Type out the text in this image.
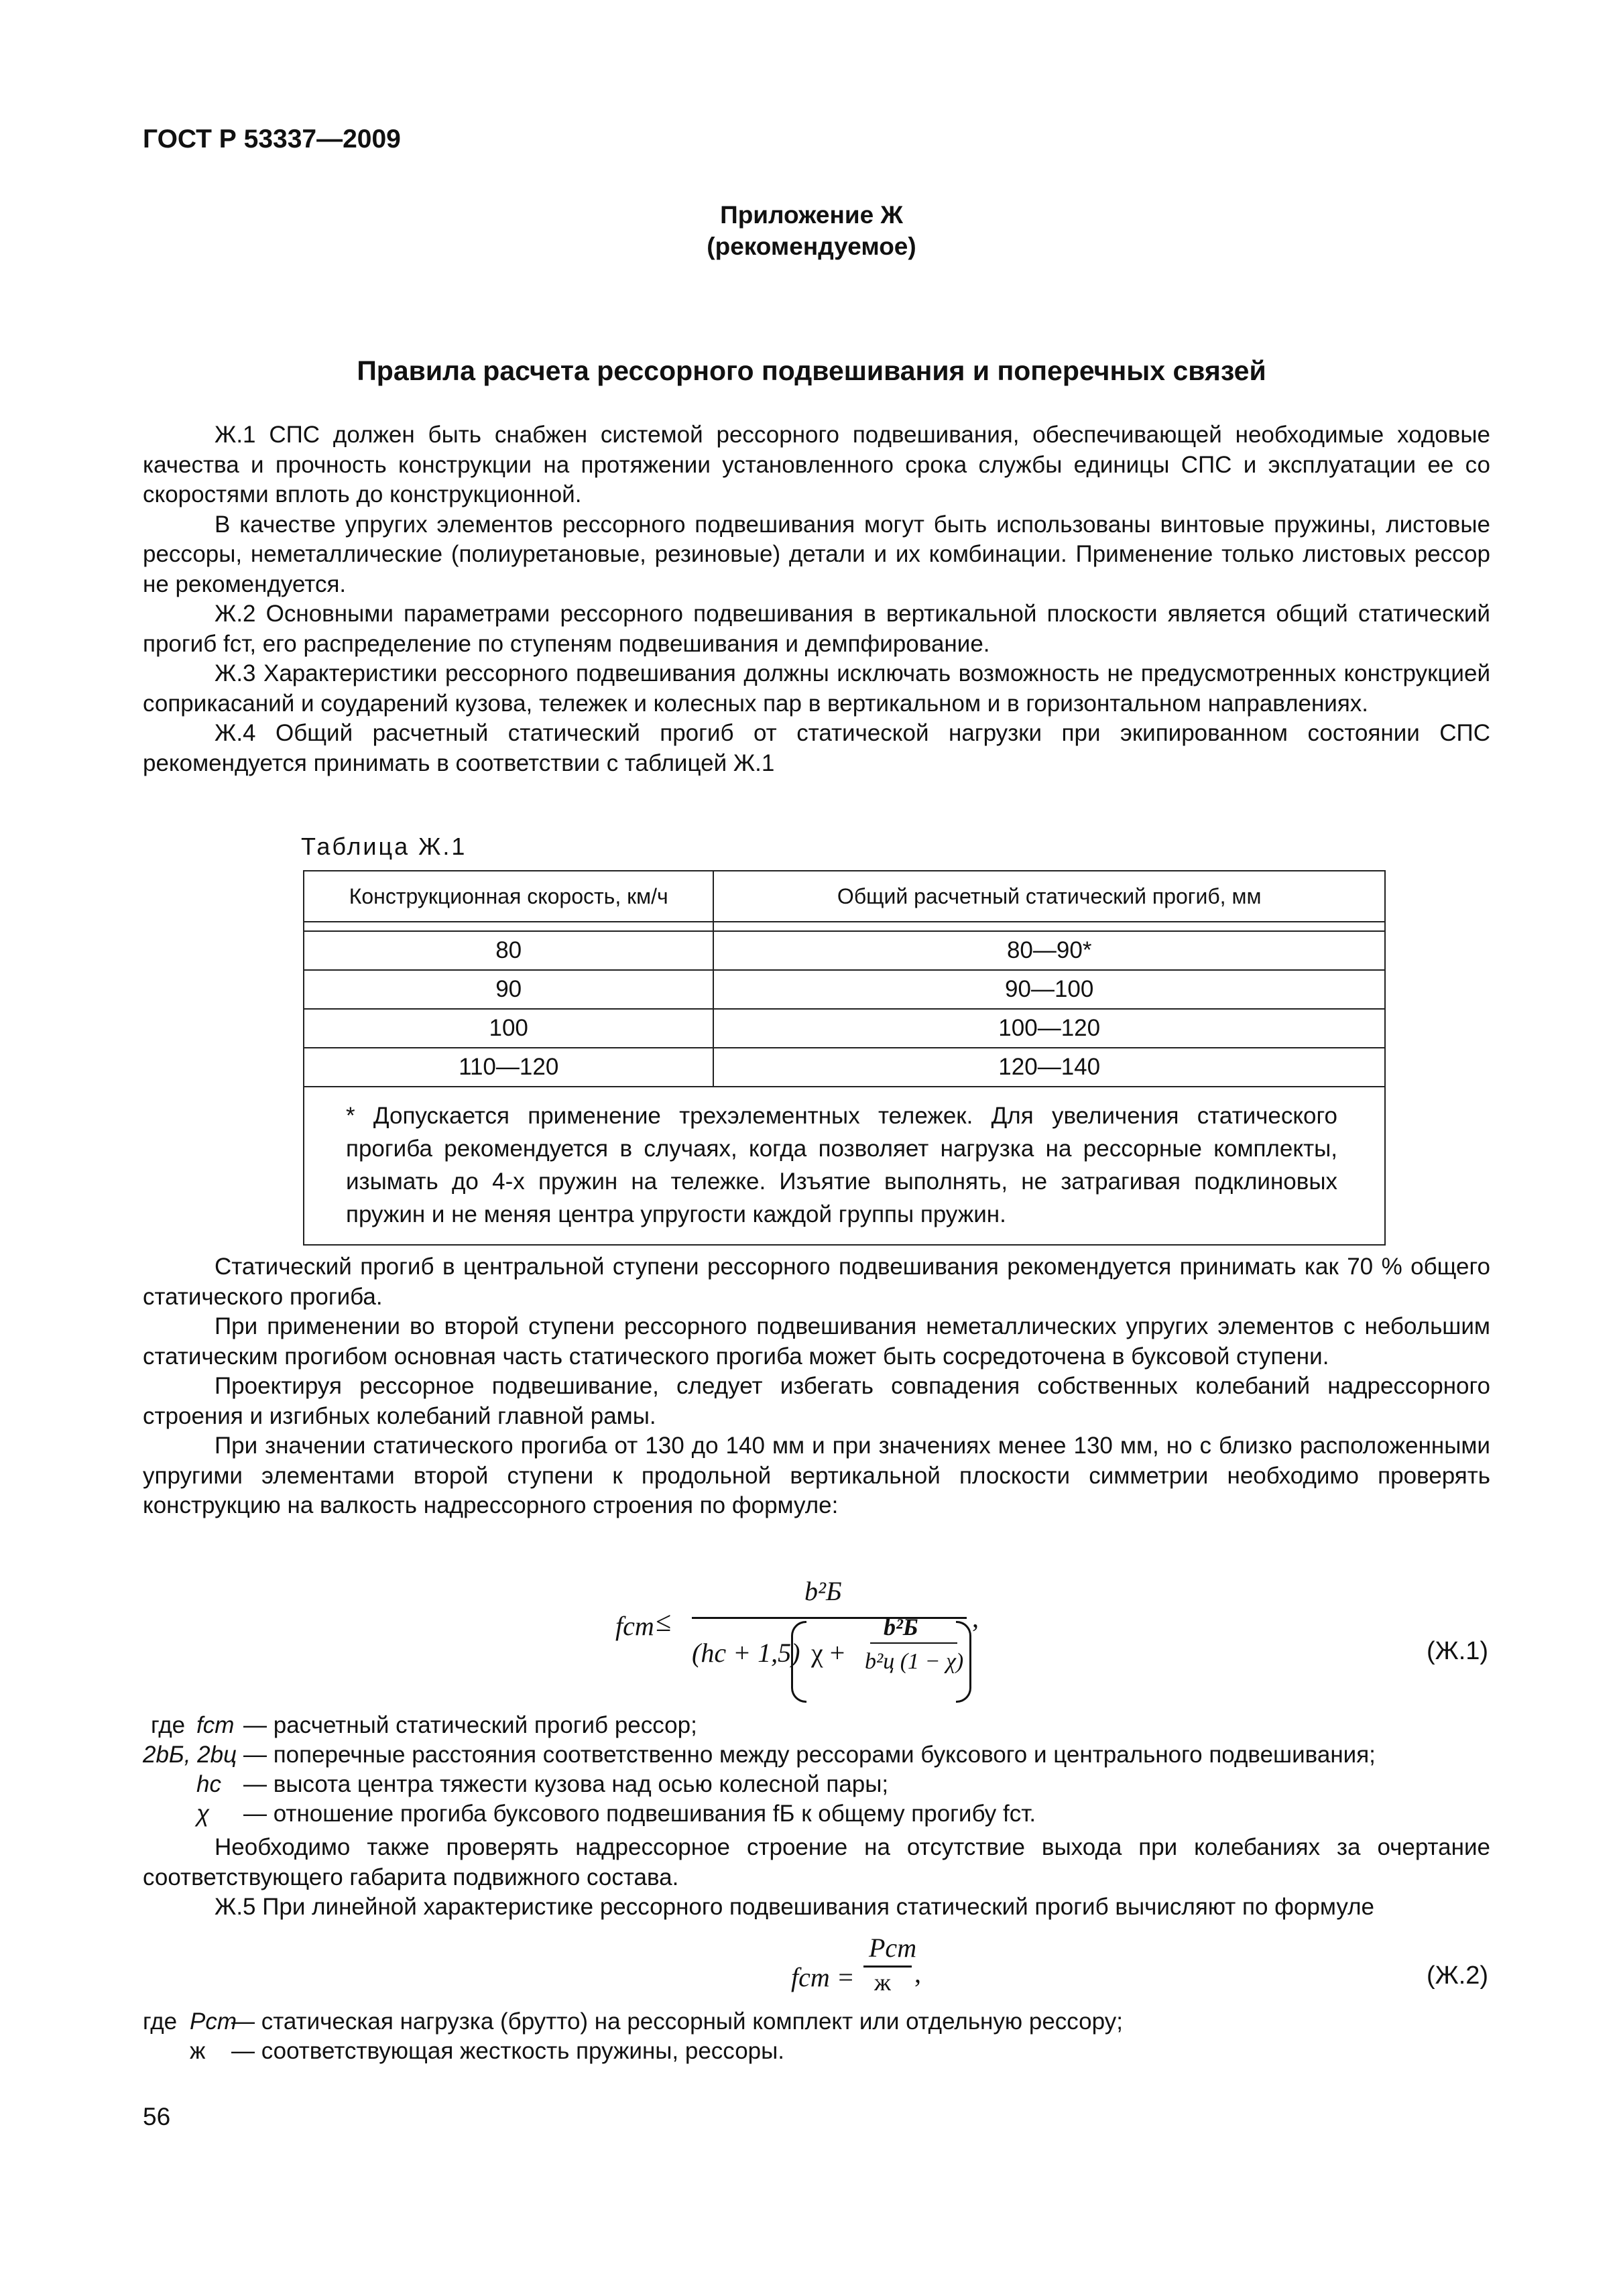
ГОСТ Р 53337—2009
Приложение Ж
(рекомендуемое)
Правила расчета рессорного подвешивания и поперечных связей

Ж.1 СПС должен быть снабжен системой рессорного подвешивания, обеспечивающей необходимые ходовые качества и прочность конструкции на протяжении установленного срока службы единицы СПС и эксплуатации ее со скоростями вплоть до конструкционной.

В качестве упругих элементов рессорного подвешивания могут быть использованы винтовые пружины, листовые рессоры, неметаллические (полиуретановые, резиновые) детали и их комбинации. Применение только листовых рессор не рекомендуется.

Ж.2 Основными параметрами рессорного подвешивания в вертикальной плоскости является общий статический прогиб fст, его распределение по ступеням подвешивания и демпфирование.

Ж.3 Характеристики рессорного подвешивания должны исключать возможность не предусмотренных конструкцией соприкасаний и соударений кузова, тележек и колесных пар в вертикальном и в горизонтальном направлениях.

Ж.4 Общий расчетный статический прогиб от статической нагрузки при экипированном состоянии СПС рекомендуется принимать в соответствии с таблицей Ж.1

Таблица Ж.1
Конструкционная скорость, км/ч	Общий расчетный статический прогиб, мм

80	80—90*
90	90—100
100	100—120
110—120	120—140
* Допускается применение трехэлементных тележек. Для увеличения статического прогиба рекомендуется в случаях, когда позволяет нагрузка на рессорные комплекты, изымать до 4-х пружин на тележке. Изъятие выполнять, не затрагивая подклиновых пружин и не меняя центра упругости каждой группы пружин.	

Статический прогиб в центральной ступени рессорного подвешивания рекомендуется принимать как 70 % общего статического прогиба.

При применении во второй ступени рессорного подвешивания неметаллических упругих элементов с небольшим статическим прогибом основная часть статического прогиба может быть сосредоточена в буксовой ступени.

Проектируя рессорное подвешивание, следует избегать совпадения собственных колебаний надрессорного строения и изгибных колебаний главной рамы.

При значении статического прогиба от 130 до 140 мм и при значениях менее 130 мм, но с близко расположенными упругими элементами второй ступени к продольной вертикальной плоскости симметрии необходимо проверять конструкцию на валкость надрессорного строения по формуле:

fст ≤
b²Б
(hс + 1,5) χ +
b²Б
b²ц (1 − χ)
,
(Ж.1)
где fст — расчетный статический прогиб рессор;
2bБ, 2bц — поперечные расстояния соответственно между рессорами буксового и центрального подвешивания;
hс — высота центра тяжести кузова над осью колесной пары;
χ — отношение прогиба буксового подвешивания fБ к общему прогибу fст.

Необходимо также проверять надрессорное строение на отсутствие выхода при колебаниях за очертание соответствующего габарита подвижного состава.

Ж.5 При линейной характеристике рессорного подвешивания статический прогиб вычисляют по формуле

fст =
Pст
ж ,	(Ж.2)
где Pст
— статическая нагрузка (брутто) на рессорный комплект или отдельную рессору;
ж — соответствующая жесткость пружины, рессоры.
56
